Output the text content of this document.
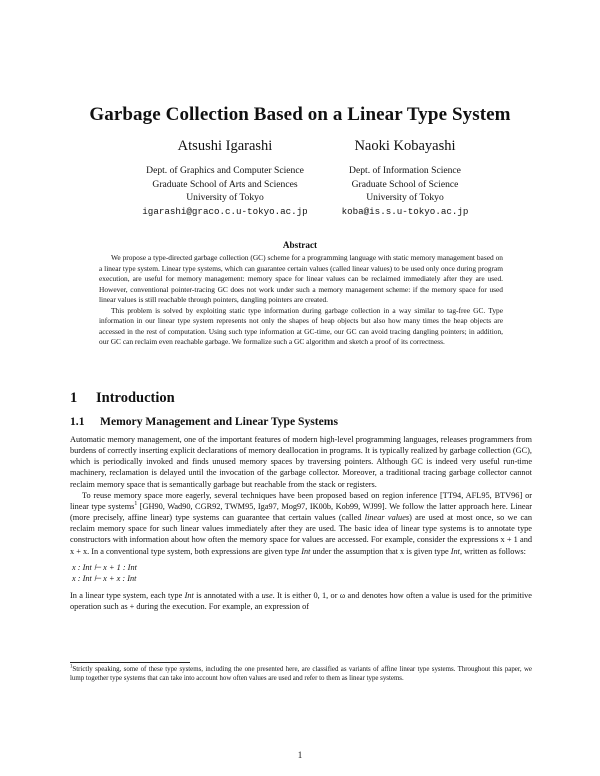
Garbage Collection Based on a Linear Type System
Atsushi Igarashi
Dept. of Graphics and Computer Science
Graduate School of Arts and Sciences
University of Tokyo
igarashi@graco.c.u-tokyo.ac.jp
Naoki Kobayashi
Dept. of Information Science
Graduate School of Science
University of Tokyo
koba@is.s.u-tokyo.ac.jp
Abstract

We propose a type-directed garbage collection (GC) scheme for a programming language with static memory management based on a linear type system. Linear type systems, which can guarantee certain values (called linear values) to be used only once during program execution, are useful for memory management: memory space for linear values can be reclaimed immediately after they are used. However, conventional pointer-tracing GC does not work under such a memory management scheme: if the memory space for used linear values is still reachable through pointers, dangling pointers are created.

This problem is solved by exploiting static type information during garbage collection in a way similar to tag-free GC. Type information in our linear type system represents not only the shapes of heap objects but also how many times the heap objects are accessed in the rest of computation. Using such type information at GC-time, our GC can avoid tracing dangling pointers; in addition, our GC can reclaim even reachable garbage. We formalize such a GC algorithm and sketch a proof of its correctness.

1 Introduction
1.1 Memory Management and Linear Type Systems

Automatic memory management, one of the important features of modern high-level programming languages, releases programmers from burdens of correctly inserting explicit declarations of memory deallocation in programs. It is typically realized by garbage collection (GC), which is periodically invoked and finds unused memory spaces by traversing pointers. Although GC is indeed very useful run-time machinery, reclamation is delayed until the invocation of the garbage collector. Moreover, a traditional tracing garbage collector cannot reclaim memory space that is semantically garbage but reachable from the stack or registers.

To reuse memory space more eagerly, several techniques have been proposed based on region inference [TT94, AFL95, BTV96] or linear type systems$^1$ [GH90, Wad90, CGR92, TWM95, Iga97, Mog97, IK00b, Kob99, WJ99]. We follow the latter approach here. Linear (more precisely, affine linear) type systems can guarantee that certain values (called linear values) are used at most once, so we can reclaim memory space for such linear values immediately after they are used. The basic idea of linear type systems is to annotate type constructors with information about how often the memory space for values are accessed. For example, consider the expressions x + 1 and x + x. In a conventional type system, both expressions are given type Int under the assumption that x is given type Int, written as follows:

x : Int ⊢ x + 1 : Int
x : Int ⊢ x + x : Int

In a linear type system, each type Int is annotated with a use. It is either 0, 1, or ω and denotes how often a value is used for the primitive operation such as + during the execution. For example, an expression of

$^1$Strictly speaking, some of these type systems, including the one presented here, are classified as variants of affine linear type systems. Throughout this paper, we lump together type systems that can take into account how often values are used and refer to them as linear type systems.
1
